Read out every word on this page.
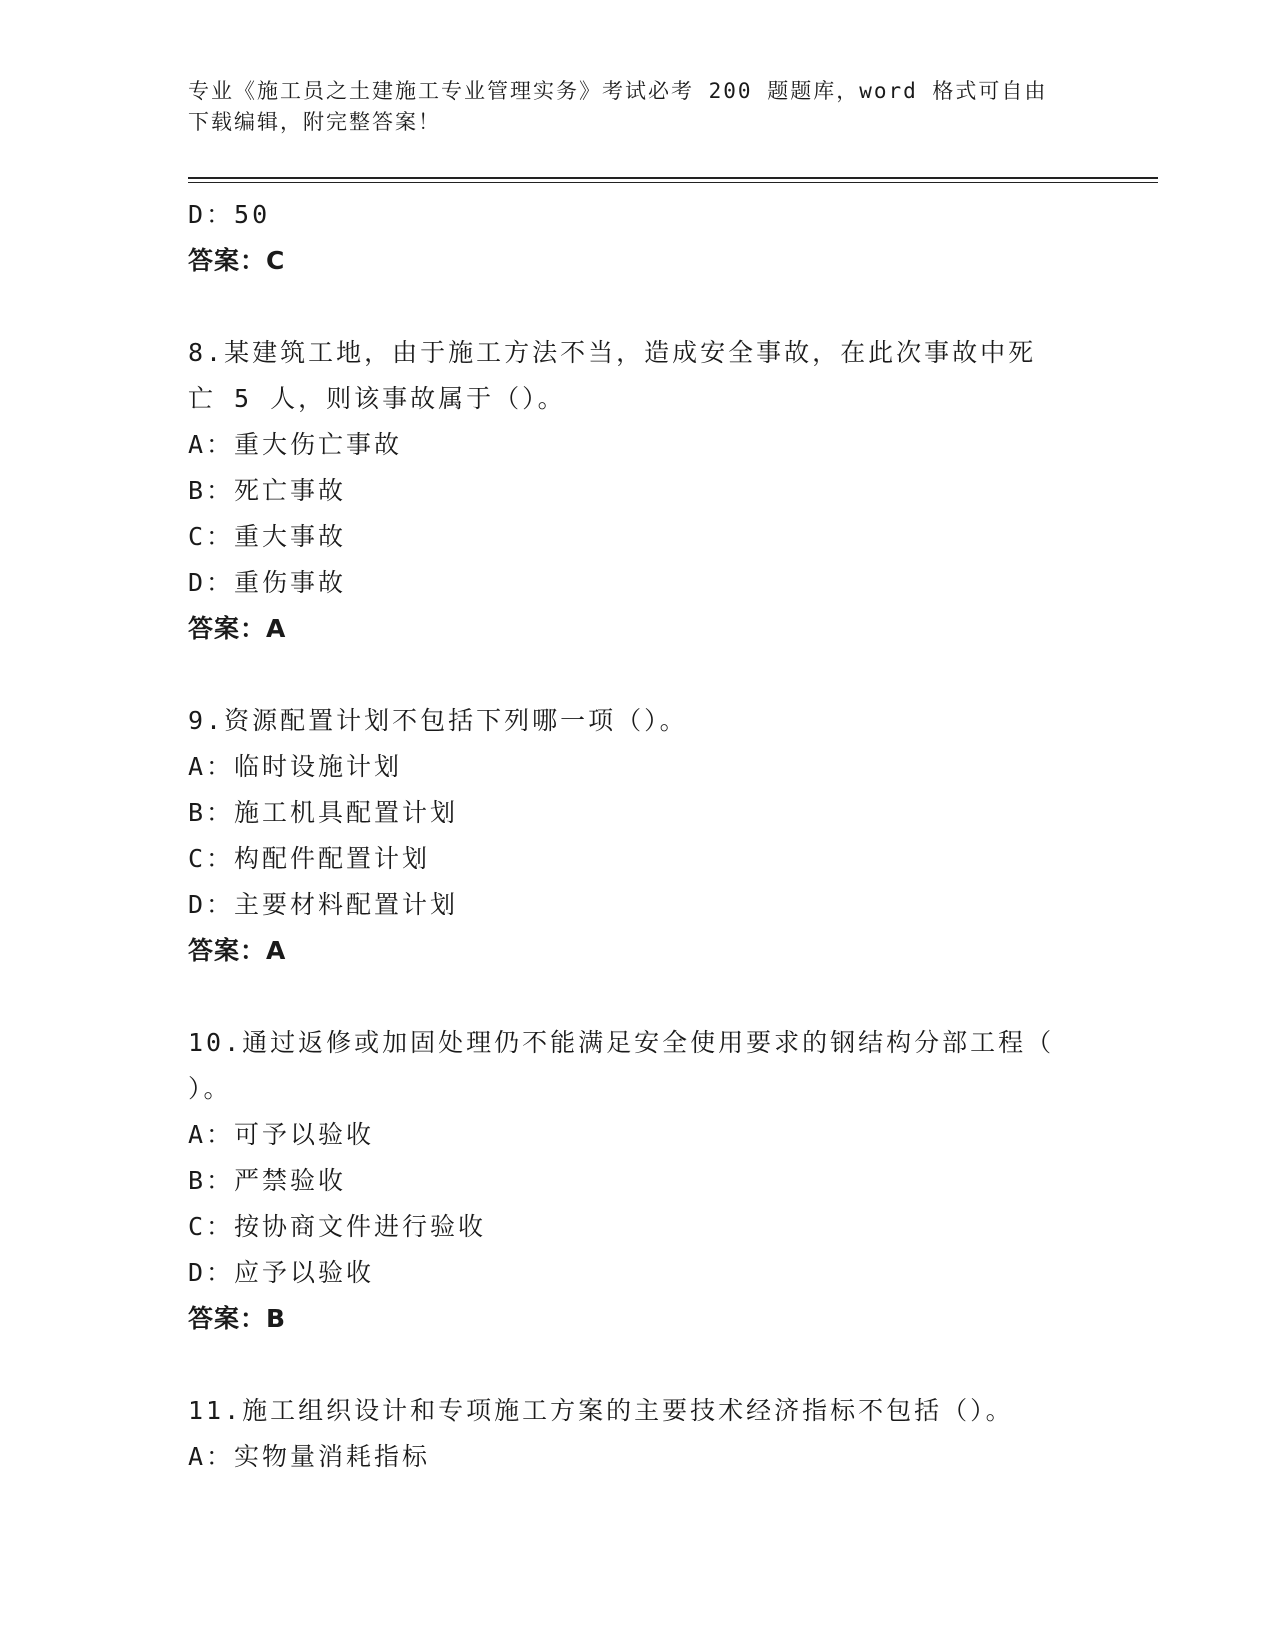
专业《施工员之土建施工专业管理实务》考试必考 200 题题库，word 格式可自由
下载编辑，附完整答案！
D：50
答案：C
8.某建筑工地，由于施工方法不当，造成安全事故，在此次事故中死
亡 5 人，则该事故属于（）。
A：重大伤亡事故
B：死亡事故
C：重大事故
D：重伤事故
答案：A
9.资源配置计划不包括下列哪一项（）。
A：临时设施计划
B：施工机具配置计划
C：构配件配置计划
D：主要材料配置计划
答案：A
10.通过返修或加固处理仍不能满足安全使用要求的钢结构分部工程（
）。
A：可予以验收
B：严禁验收
C：按协商文件进行验收
D：应予以验收
答案：B
11.施工组织设计和专项施工方案的主要技术经济指标不包括（）。
A：实物量消耗指标
